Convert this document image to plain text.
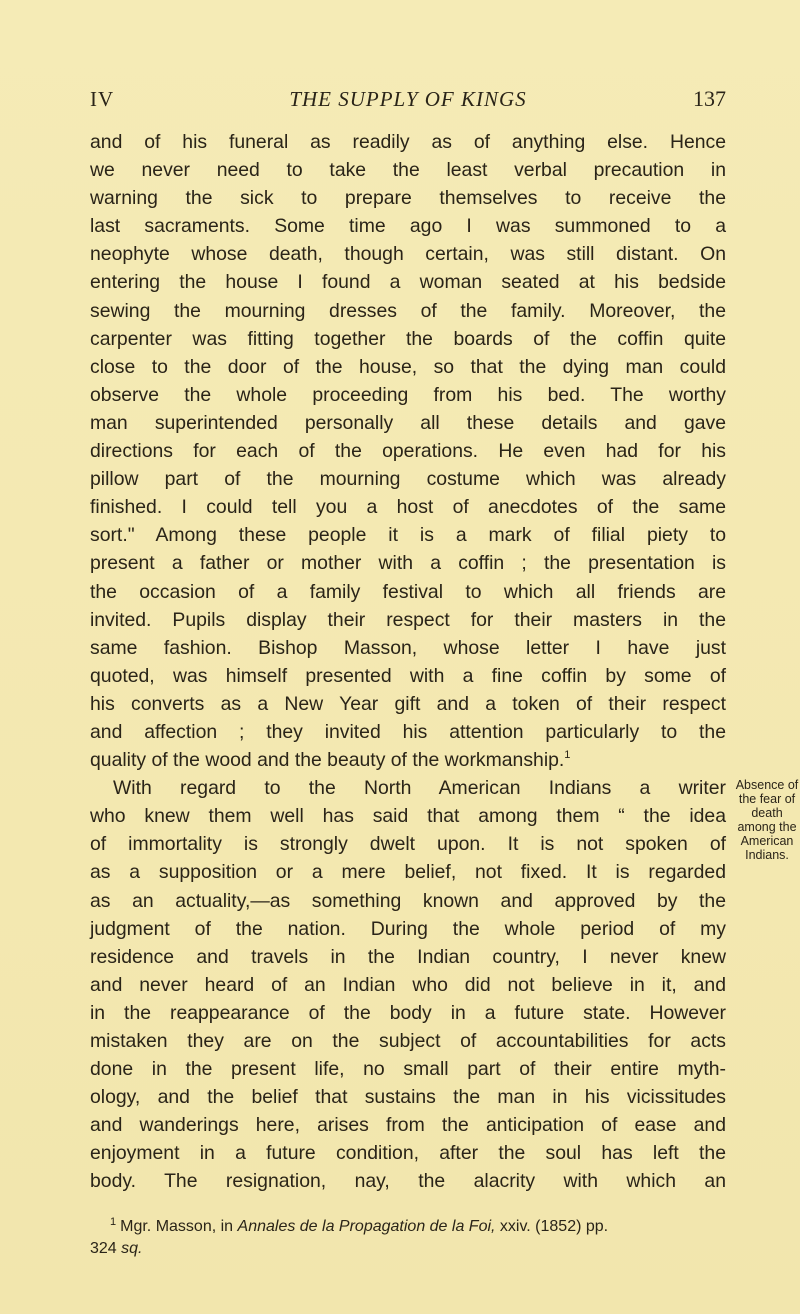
IV	THE SUPPLY OF KINGS	137
and of his funeral as readily as of anything else. Hence
we never need to take the least verbal precaution in
warning the sick to prepare themselves to receive the
last sacraments. Some time ago I was summoned to a
neophyte whose death, though certain, was still distant. On
entering the house I found a woman seated at his bedside
sewing the mourning dresses of the family. Moreover, the
carpenter was fitting together the boards of the coffin quite
close to the door of the house, so that the dying man could
observe the whole proceeding from his bed. The worthy
man superintended personally all these details and gave
directions for each of the operations. He even had for his
pillow part of the mourning costume which was already
finished. I could tell you a host of anecdotes of the same
sort." Among these people it is a mark of filial piety to
present a father or mother with a coffin ; the presentation is
the occasion of a family festival to which all friends are
invited. Pupils display their respect for their masters in the
same fashion. Bishop Masson, whose letter I have just
quoted, was himself presented with a fine coffin by some of
his converts as a New Year gift and a token of their respect
and affection ; they invited his attention particularly to the
quality of the wood and the beauty of the workmanship.$^1$
With regard to the North American Indians a writer
who knew them well has said that among them “ the idea
of immortality is strongly dwelt upon. It is not spoken of
as a supposition or a mere belief, not fixed. It is regarded
as an actuality,—as something known and approved by the
judgment of the nation. During the whole period of my
residence and travels in the Indian country, I never knew
and never heard of an Indian who did not believe in it, and
in the reappearance of the body in a future state. However
mistaken they are on the subject of accountabilities for acts
done in the present life, no small part of their entire myth-
ology, and the belief that sustains the man in his vicissitudes
and wanderings here, arises from the anticipation of ease and
enjoyment in a future condition, after the soul has left the
body. The resignation, nay, the alacrity with which an
Absence of
the fear of
death
among the
American
Indians.
$^1$ Mgr. Masson, in Annales de la Propagation de la Foi, xxiv. (1852) pp.
324 sq.
